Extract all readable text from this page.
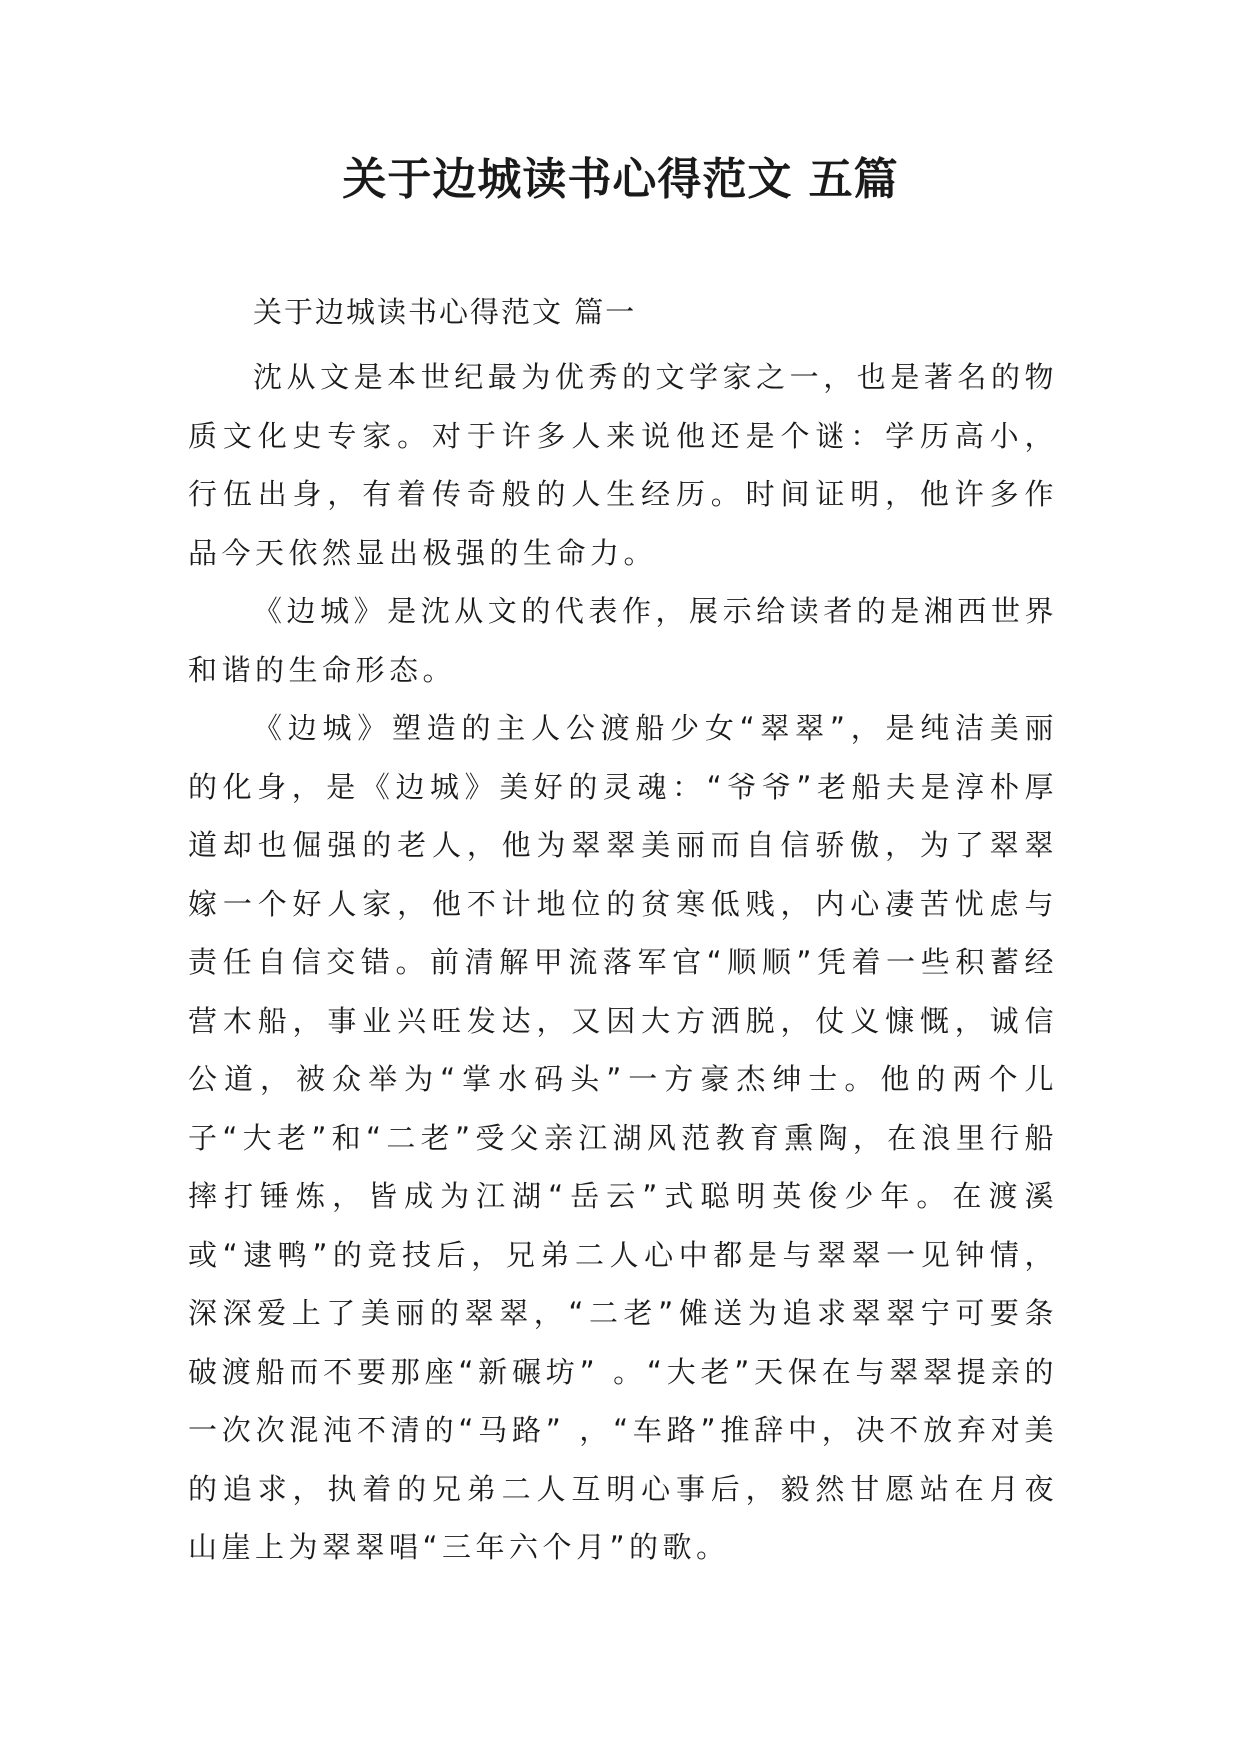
关于边城读书心得范文 五篇
关于边城读书心得范文 篇一

沈从文是本世纪最为优秀的文学家之一，也是著名的物质文化史专家。对于许多人来说他还是个谜：学历高小，行伍出身，有着传奇般的人生经历。时间证明，他许多作品今天依然显出极强的生命力。

《边城》是沈从文的代表作，展示给读者的是湘西世界和谐的生命形态。

《边城》塑造的主人公渡船少女“翠翠”，是纯洁美丽的化身，是《边城》美好的灵魂：“爷爷”老船夫是淳朴厚道却也倔强的老人，他为翠翠美丽而自信骄傲，为了翠翠嫁一个好人家，他不计地位的贫寒低贱，内心凄苦忧虑与责任自信交错。前清解甲流落军官“顺顺”凭着一些积蓄经营木船，事业兴旺发达，又因大方洒脱，仗义慷慨，诚信公道，被众举为“掌水码头”一方豪杰绅士。他的两个儿子“大老”和“二老”受父亲江湖风范教育熏陶，在浪里行船摔打锤炼，皆成为江湖“岳云”式聪明英俊少年。在渡溪或“逮鸭”的竞技后，兄弟二人心中都是与翠翠一见钟情，深深爱上了美丽的翠翠，“二老”傩送为追求翠翠宁可要条破渡船而不要那座“新碾坊” 。“大老”天保在与翠翠提亲的一次次混沌不清的“马路” ，“车路”推辞中，决不放弃对美的追求，执着的兄弟二人互明心事后，毅然甘愿站在月夜山崖上为翠翠唱“三年六个月”的歌。
